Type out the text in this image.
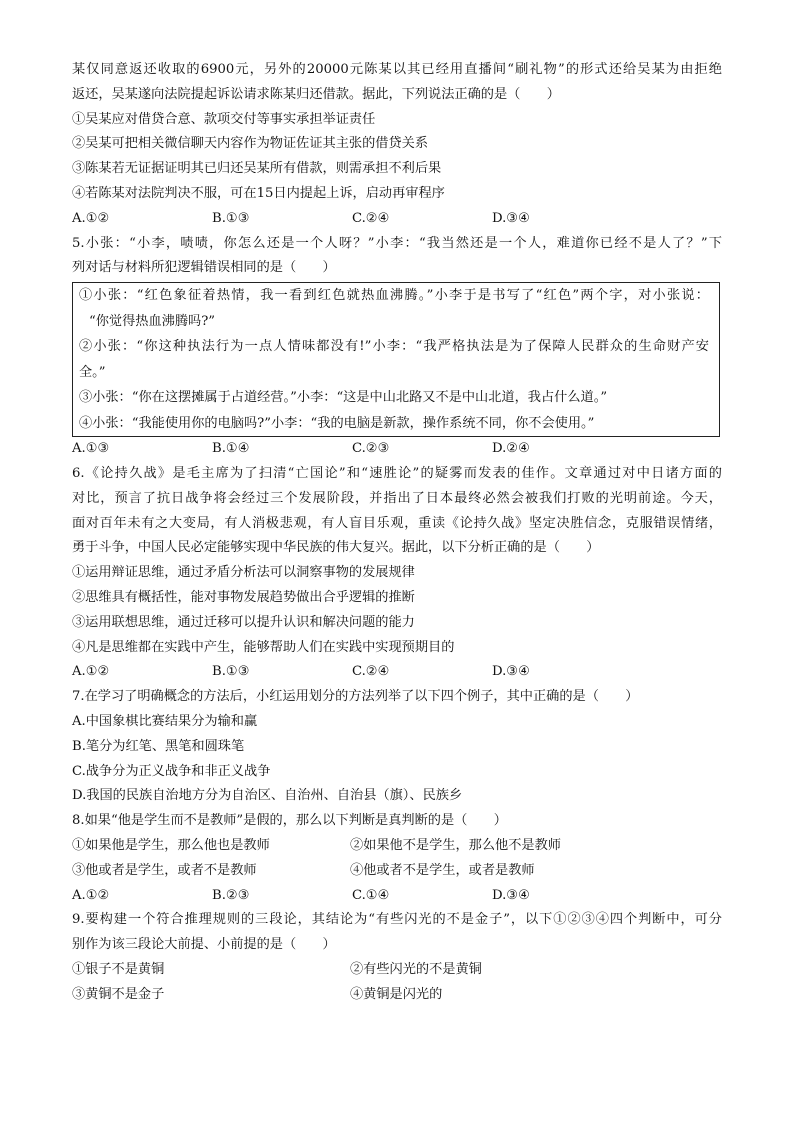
某仅同意返还收取的6900元，另外的20000元陈某以其已经用直播间“刷礼物”的形式还给吴某为由拒绝
返还，吴某遂向法院提起诉讼请求陈某归还借款。据此，下列说法正确的是（　　）
①吴某应对借贷合意、款项交付等事实承担举证责任
②吴某可把相关微信聊天内容作为物证佐证其主张的借贷关系
③陈某若无证据证明其已归还吴某所有借款，则需承担不利后果
④若陈某对法院判决不服，可在15日内提起上诉，启动再审程序
A.①②	B.①③	C.②④	D.③④
5.小张：“小李，啧啧，你怎么还是一个人呀？”小李：“我当然还是一个人，难道你已经不是人了？”下
列对话与材料所犯逻辑错误相同的是（　　）
①小张：“红色象征着热情，我一看到红色就热血沸腾。”小李于是书写了“红色”两个字，对小张说：
“你觉得热血沸腾吗?”
②小张：“你这种执法行为一点人情味都没有!”小李：“我严格执法是为了保障人民群众的生命财产安
全。”
③小张：“你在这摆摊属于占道经营。”小李：“这是中山北路又不是中山北道，我占什么道。”
④小张：“我能使用你的电脑吗?”小李：“我的电脑是新款，操作系统不同，你不会使用。”
A.①③	B.①④	C.②③	D.②④
6.《论持久战》是毛主席为了扫清“亡国论”和“速胜论”的疑雾而发表的佳作。文章通过对中日诸方面的
对比，预言了抗日战争将会经过三个发展阶段，并指出了日本最终必然会被我们打败的光明前途。今天，
面对百年未有之大变局，有人消极悲观，有人盲目乐观，重读《论持久战》坚定决胜信念，克服错误情绪，
勇于斗争，中国人民必定能够实现中华民族的伟大复兴。据此，以下分析正确的是（　　）
①运用辩证思维，通过矛盾分析法可以洞察事物的发展规律
②思维具有概括性，能对事物发展趋势做出合乎逻辑的推断
③运用联想思维，通过迁移可以提升认识和解决问题的能力
④凡是思维都在实践中产生，能够帮助人们在实践中实现预期目的
A.①②	B.①③	C.②④	D.③④
7.在学习了明确概念的方法后，小红运用划分的方法列举了以下四个例子，其中正确的是（　　）
A.中国象棋比赛结果分为输和赢
B.笔分为红笔、黑笔和圆珠笔
C.战争分为正义战争和非正义战争
D.我国的民族自治地方分为自治区、自治州、自治县（旗）、民族乡
8.如果“他是学生而不是教师”是假的，那么以下判断是真判断的是（　　）
①如果他是学生，那么他也是教师	②如果他不是学生，那么他不是教师
③他或者是学生，或者不是教师	④他或者不是学生，或者是教师
A.①②	B.②③	C.①④	D.③④
9.要构建一个符合推理规则的三段论，其结论为“有些闪光的不是金子”，以下①②③④四个判断中，可分
别作为该三段论大前提、小前提的是（　　）
①银子不是黄铜	②有些闪光的不是黄铜
③黄铜不是金子	④黄铜是闪光的
